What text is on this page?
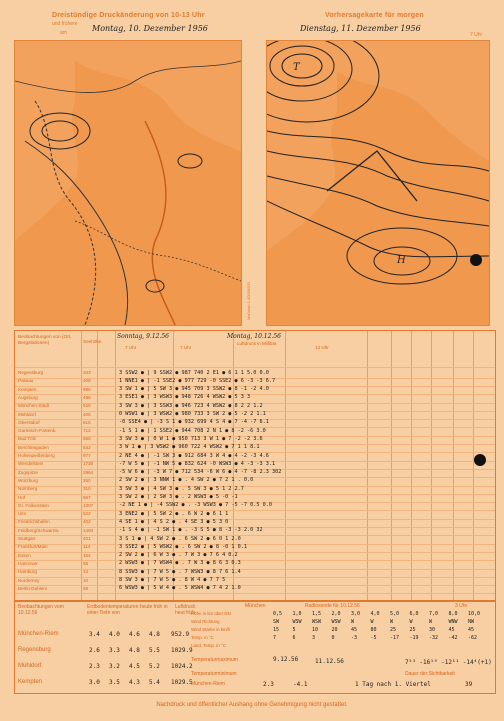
Dreistündige Druckänderung von 10-13 Uhr
und frühere
am	Montag, 10. Dezember 1956
Vorhersagekarte für morgen
Dienstag, 11. Dezember 1956
7 Uhr
T
H
Maßstab 1:40000000
Beobachtungen von (Ort, Bergstationen)	Seehöhe
Sonntag, 9.12.56	Montag, 10.12.56
7 Uhr	7 Uhr
Luftdruck in Millibar
13 Uhr
Regensburg	343	3 SSW2 ● | 9 SSW2 ● 987 740 2 E1 ● 6 1 1 5.0 0.0
Passau	408	1 NNE1 ● | -1 SSE2 ● 977 729 -0 SSE2 ● 6 -3 -3 6.7
Kempten	695	3 SW 1 ● | 5 SW 3 ● 945 709 3 SSW2 ● 8 -1 -2 4.0
Augsburg	498	3 ESE1 ● | 3 WSW3 ● 948 726 4 WSW2 ● 5 3 3
München-Stadt	525	3 SW 3 ● | 3 SSW3 ● 946 723 4 WSW2 ● 8 2 2 1.2
Mühldorf	405	0 WSW1 ● | 3 WSW2 ● 980 733 3 SW 2 ● 5 -2 2 1.1
Oberstdorf	815	-0 SSE4 ● | -3 S 1 ● 932 699 4 S 4 ● 7 -4 -7 6.1
Garmisch-Partenk.	712	-1 S 1 ● | 1 SSE2 ● 944 708 2 N 1 ● 8 -2 -6 3.0
Bad Tölz	660	3 SW 3 ● | 0 W 1 ● 950 713 3 W 1 ● 7 -2 -2 3.6
Berchtesgaden	542	3 W 1 ● | 3 WSW2 ● 960 722 4 WSW2 ● 7 1 1 8.1
Hohenpeißenberg	977	2 NE 4 ● | -1 SW 3 ● 912 684 3 W 4 ● 4 -2 -3 4.6
Wendelstein	1730	-7 W 5 ● | -1 NW 5 ● 832 624 -0 WSW3 ● 4 -3 -3 3.1
Zugspitze	2964	-5 W 6 ● | -3 W 7 ● 712 534 -6 W 6 ● 4 -7 -8 2.3 302
Würzburg	260	2 SW 2 ● | 3 NNW 1 ● . 4 SW 2 ● 7 2 1 . 0.0
Nürnberg	310	3 SW 3 ● | 4 SW 3 ● . 5 SW 3 ● 5 1 2 2.7
Hof	567	3 SW 2 ● | 2 SW 3 ● . 2 WSW3 ● 5 -0 -1
Gr. Falkenstein	1307	-2 NE 1 ● | -4 SSW2 ● . -3 WSW3 ● 7 -5 -7 0.5 0.0
Ulm	522	3 ENE2 ● | 5 SW 2 ● . 6 W 2 ● 6 1 1
Friedrichshafen	402	4 SE 1 ● | 4 S 2 ● . 4 SE 3 ● 5 3 0
Feldberg/Schwarzw.	1493	-1 S 4 ● | -1 SW 1 ● . -3 S 5 ● 8 -3 -3 2.0 32
Stuttgart	401	3 S 1 ● | 4 SW 2 ● . 6 SW 2 ● 6 0 1 2.0
Frankfurt/Main	114	3 SSE2 ● | 5 WSW2 ● . 6 SW 2 ● 8 -0 1 0.1
Essen	154	2 SW 2 ● | 6 W 3 ● . 7 W 3 ● 7 6 4 0.2
Hannover	55	2 WSW3 ● | 7 WSW4 ● . 7 W 3 ● 8 6 3 0.3
Hamburg	14	8 SSW3 ● | 7 W 5 ● . 7 WSW3 ● 8 7 6 1.4
Norderney	10	8 SW 3 ● | 7 W 5 ● . 8 W 4 ● 7 7 5
Berlin-Dahlem	58	6 WSW3 ● | 5 W 4 ● . 5 WSW4 ● 7 4 2 1.0
Beobachtungen vom 10.12.56
Erdbodentemperaturen heute früh in einer Tiefe von
Luftdruck heut früh
München-Riem	3.4 4.0 4.6 4.8 952.9
Regensburg	2.6 3.3 4.8 5.5 1029.9
Mühldorf	2.3 3.2 4.5 5.2 1024.2
Kempten	3.0 3.5 4.3 5.4 1029.5
München	Radiosonde für 10.12.56	3 Uhr
Höhe in km über NN
Wind Richtung
Wind Stärke in km/h
Temp. in °C
Land, Temp. in °C
0,5 1,0 1,5 2,0 3,0 4,0 5,0 6,0 7,0 8,0 10,0
SW	WSW WSW WSW W	W	W	W	W	WNW NW
15	5	10	20	45	80	25	25	30	45	45
7	6	3	0	-3	-5	-17 -19 -32 -42 -62
Temperaturmaximum	9.12.56
Temperaturminimum
11.12.56
München-Riem	2.3	-4.1	1 Tag nach 1. Viertel
Dauer der Sichtbarkeit
39
7⁵³ -16¹⁹ -12¹¹ -14⁴(+1)
Nachdruck und öffentlicher Aushang ohne Genehmigung nicht gestattet.
